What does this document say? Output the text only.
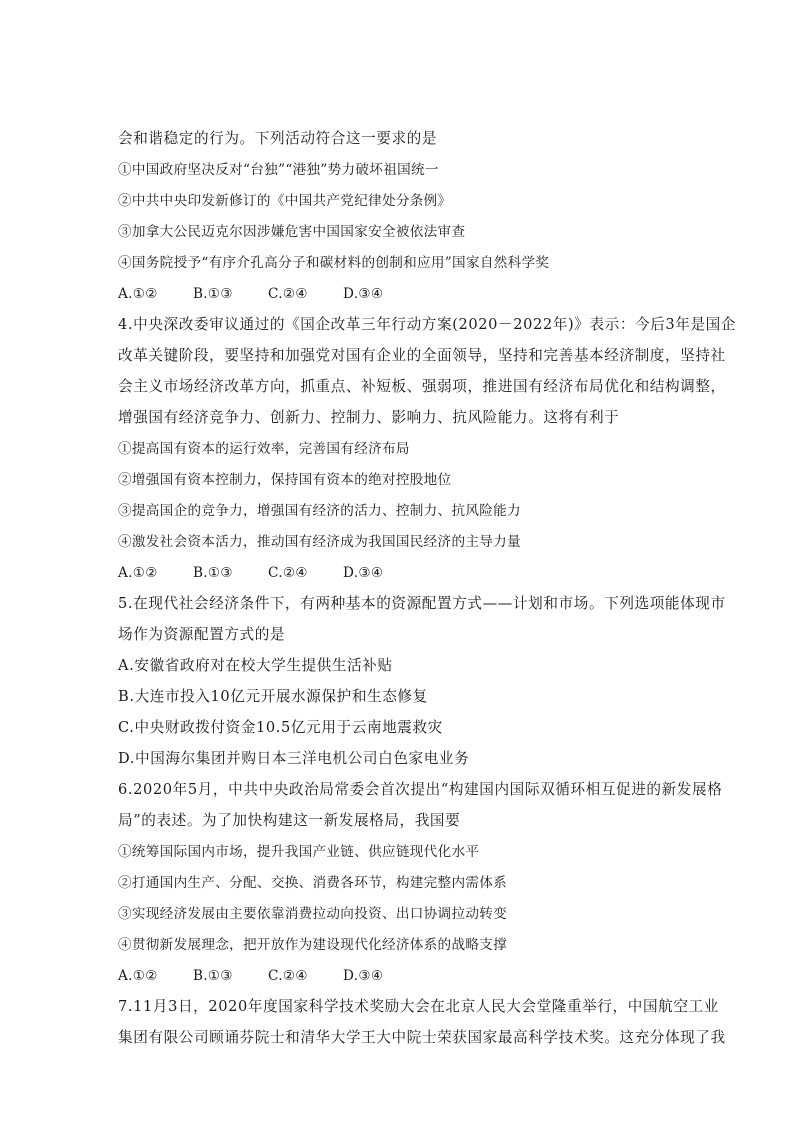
会和谐稳定的行为。下列活动符合这一要求的是
①中国政府坚决反对“台独”“港独”势力破坏祖国统一
②中共中央印发新修订的《中国共产党纪律处分条例》
③加拿大公民迈克尔因涉嫌危害中国国家安全被依法审查
④国务院授予“有序介孔高分子和碳材料的创制和应用”国家自然科学奖
A.①②	B.①③	C.②④	D.③④
4.中央深改委审议通过的《国企改革三年行动方案(2020－2022年)》表示：今后3年是国企
改革关键阶段，要坚持和加强党对国有企业的全面领导，坚持和完善基本经济制度，坚持社
会主义市场经济改革方向，抓重点、补短板、强弱项，推进国有经济布局优化和结构调整，
增强国有经济竞争力、创新力、控制力、影响力、抗风险能力。这将有利于
①提高国有资本的运行效率，完善国有经济布局
②增强国有资本控制力，保持国有资本的绝对控股地位
③提高国企的竞争力，增强国有经济的活力、控制力、抗风险能力
④激发社会资本活力，推动国有经济成为我国国民经济的主导力量
A.①②	B.①③	C.②④	D.③④
5.在现代社会经济条件下，有两种基本的资源配置方式——计划和市场。下列选项能体现市
场作为资源配置方式的是
A.安徽省政府对在校大学生提供生活补贴
B.大连市投入10亿元开展水源保护和生态修复
C.中央财政拨付资金10.5亿元用于云南地震救灾
D.中国海尔集团并购日本三洋电机公司白色家电业务
6.2020年5月，中共中央政治局常委会首次提出“构建国内国际双循环相互促进的新发展格
局”的表述。为了加快构建这一新发展格局，我国要
①统筹国际国内市场，提升我国产业链、供应链现代化水平
②打通国内生产、分配、交换、消费各环节，构建完整内需体系
③实现经济发展由主要依靠消费拉动向投资、出口协调拉动转变
④贯彻新发展理念，把开放作为建设现代化经济体系的战略支撑
A.①②	B.①③	C.②④	D.③④
7.11月3日，2020年度国家科学技术奖励大会在北京人民大会堂隆重举行，中国航空工业
集团有限公司顾诵芬院士和清华大学王大中院士荣获国家最高科学技术奖。这充分体现了我
